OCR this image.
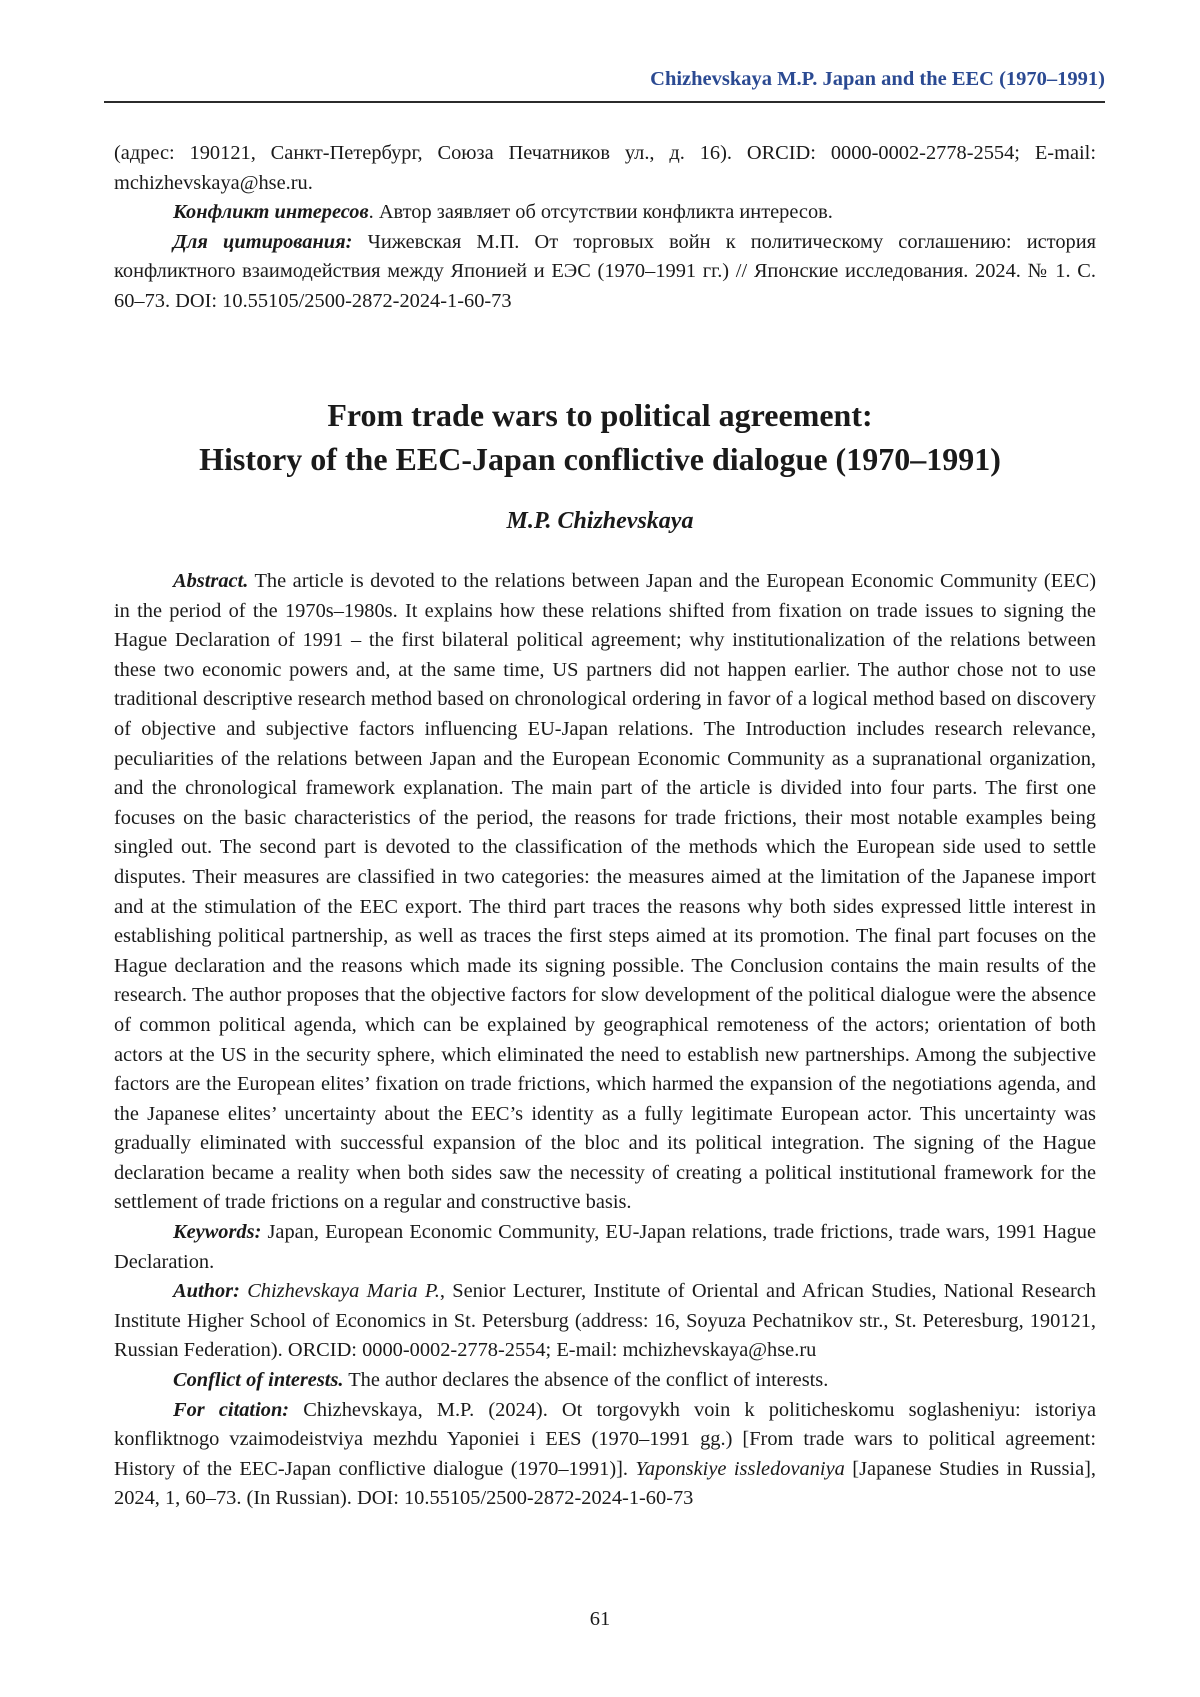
Chizhevskaya M.P. Japan and the EEC (1970–1991)

(адрес: 190121, Санкт-Петербург, Союза Печатников ул., д. 16). ORCID: 0000-0002-2778-2554; E-mail: mchizhevskaya@hse.ru.

Конфликт интересов. Автор заявляет об отсутствии конфликта интересов.

Для цитирования: Чижевская М.П. От торговых войн к политическому соглашению: история конфликтного взаимодействия между Японией и ЕЭС (1970–1991 гг.) // Японские исследования. 2024. № 1. С. 60–73. DOI: 10.55105/2500-2872-2024-1-60-73

From trade wars to political agreement:
History of the EEC-Japan conflictive dialogue (1970–1991)
M.P. Chizhevskaya

Abstract. The article is devoted to the relations between Japan and the European Economic Community (EEC) in the period of the 1970s–1980s. It explains how these relations shifted from fixation on trade issues to signing the Hague Declaration of 1991 – the first bilateral political agreement; why institutionalization of the relations between these two economic powers and, at the same time, US partners did not happen earlier. The author chose not to use traditional descriptive research method based on chronological ordering in favor of a logical method based on discovery of objective and subjective factors influencing EU-Japan relations. The Introduction includes research relevance, peculiarities of the relations between Japan and the European Economic Community as a supranational organization, and the chronological framework explanation. The main part of the article is divided into four parts. The first one focuses on the basic characteristics of the period, the reasons for trade frictions, their most notable examples being singled out. The second part is devoted to the classification of the methods which the European side used to settle disputes. Their measures are classified in two categories: the measures aimed at the limitation of the Japanese import and at the stimulation of the EEC export. The third part traces the reasons why both sides expressed little interest in establishing political partnership, as well as traces the first steps aimed at its promotion. The final part focuses on the Hague declaration and the reasons which made its signing possible. The Conclusion contains the main results of the research. The author proposes that the objective factors for slow development of the political dialogue were the absence of common political agenda, which can be explained by geographical remoteness of the actors; orientation of both actors at the US in the security sphere, which eliminated the need to establish new partnerships. Among the subjective factors are the European elites’ fixation on trade frictions, which harmed the expansion of the negotiations agenda, and the Japanese elites’ uncertainty about the EEC’s identity as a fully legitimate European actor. This uncertainty was gradually eliminated with successful expansion of the bloc and its political integration. The signing of the Hague declaration became a reality when both sides saw the necessity of creating a political institutional framework for the settlement of trade frictions on a regular and constructive basis.

Keywords: Japan, European Economic Community, EU-Japan relations, trade frictions, trade wars, 1991 Hague Declaration.

Author: Chizhevskaya Maria P., Senior Lecturer, Institute of Oriental and African Studies, National Research Institute Higher School of Economics in St. Petersburg (address: 16, Soyuza Pechatnikov str., St. Peteresburg, 190121, Russian Federation). ORCID: 0000-0002-2778-2554; E-mail: mchizhevskaya@hse.ru

Conflict of interests. The author declares the absence of the conflict of interests.

For citation: Chizhevskaya, M.P. (2024). Ot torgovykh voin k politicheskomu soglasheniyu: istoriya konfliktnogo vzaimodeistviya mezhdu Yaponiei i EES (1970–1991 gg.) [From trade wars to political agreement: History of the EEC-Japan conflictive dialogue (1970–1991)]. Yaponskiye issledovaniya [Japanese Studies in Russia], 2024, 1, 60–73. (In Russian). DOI: 10.55105/2500-2872-2024-1-60-73

61
